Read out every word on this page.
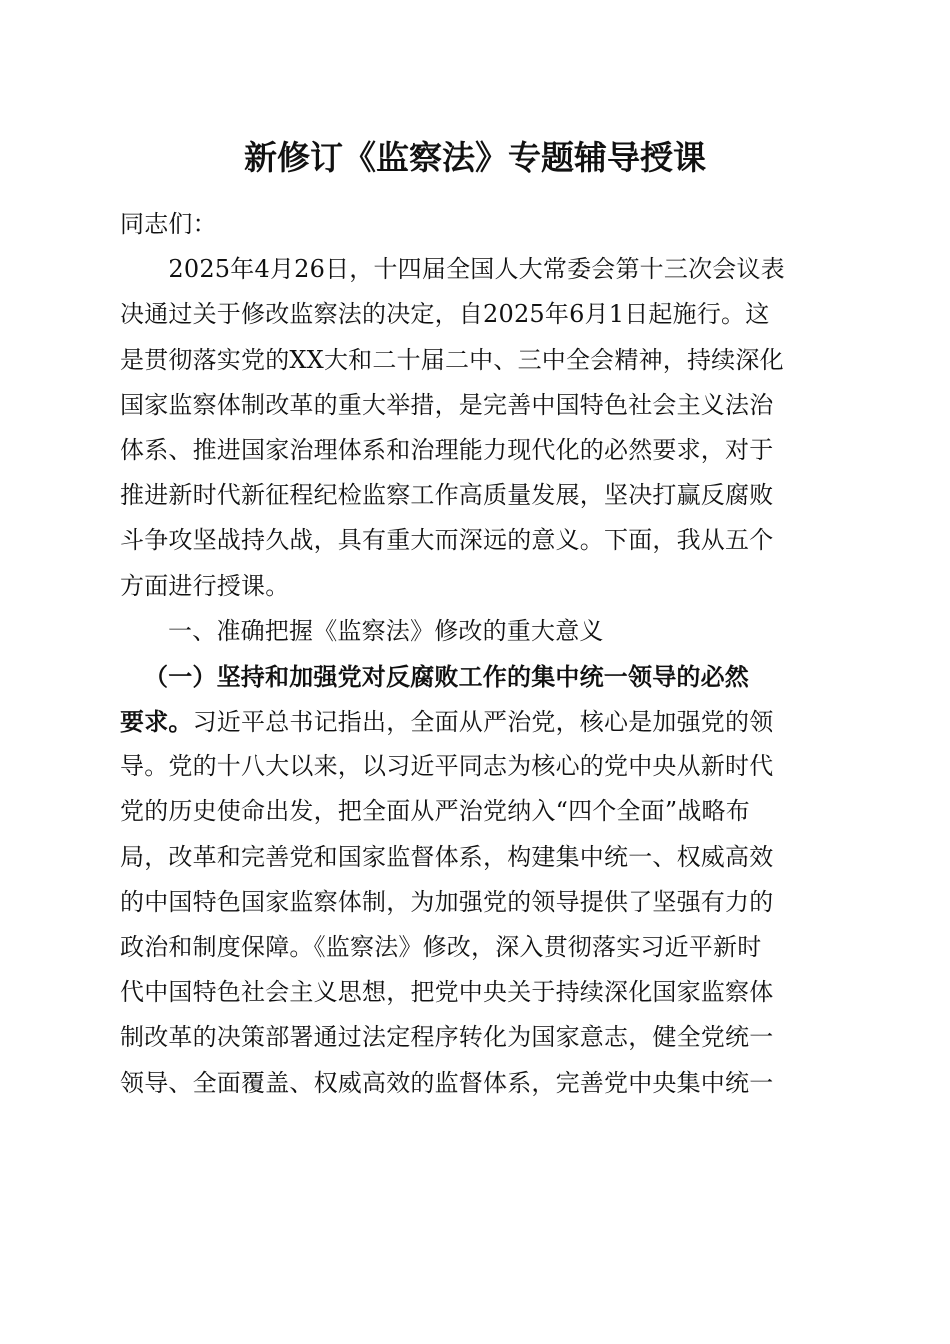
新修订《监察法》专题辅导授课
同志们：
　　2025年4月26日，十四届全国人大常委会第十三次会议表
决通过关于修改监察法的决定，自2025年6月1日起施行。这
是贯彻落实党的XX大和二十届二中、三中全会精神，持续深化
国家监察体制改革的重大举措，是完善中国特色社会主义法治
体系、推进国家治理体系和治理能力现代化的必然要求，对于
推进新时代新征程纪检监察工作高质量发展，坚决打赢反腐败
斗争攻坚战持久战，具有重大而深远的意义。下面，我从五个
方面进行授课。
一、准确把握《监察法》修改的重大意义
（一）坚持和加强党对反腐败工作的集中统一领导的必然
要求。习近平总书记指出，全面从严治党，核心是加强党的领
导。党的十八大以来，以习近平同志为核心的党中央从新时代
党的历史使命出发，把全面从严治党纳入“四个全面”战略布
局，改革和完善党和国家监督体系，构建集中统一、权威高效
的中国特色国家监察体制，为加强党的领导提供了坚强有力的
政治和制度保障。《监察法》修改，深入贯彻落实习近平新时
代中国特色社会主义思想，把党中央关于持续深化国家监察体
制改革的决策部署通过法定程序转化为国家意志，健全党统一
领导、全面覆盖、权威高效的监督体系，完善党中央集中统一
